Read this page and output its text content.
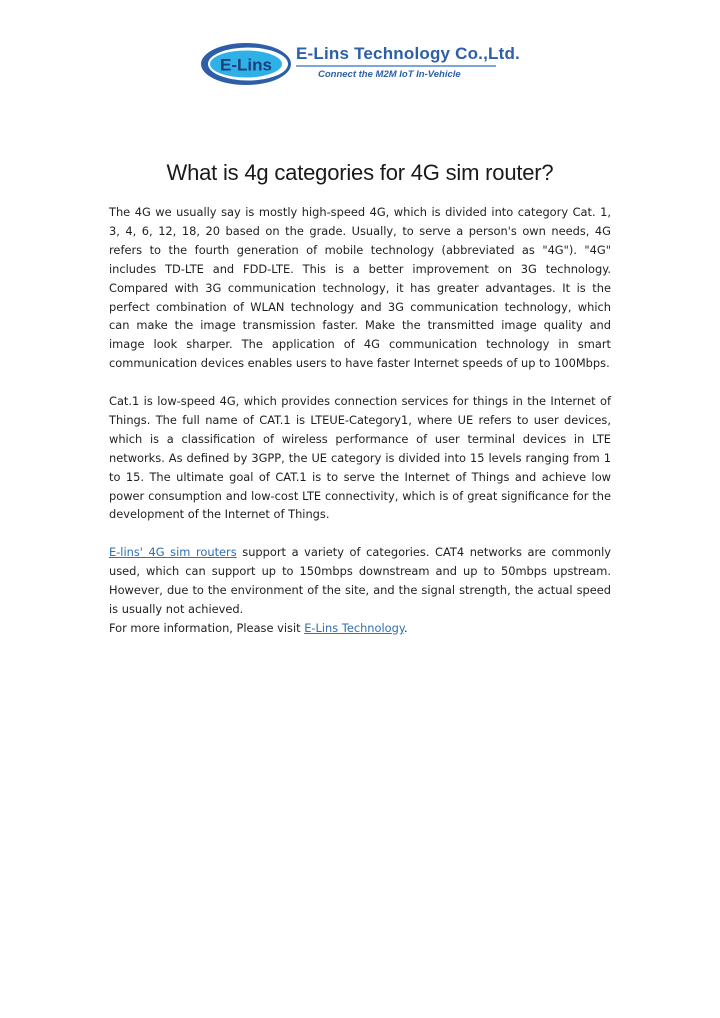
E-Lins
E-Lins Technology Co.,Ltd.
Connect the M2M IoT In-Vehicle
What is 4g categories for 4G sim router?

The 4G we usually say is mostly high-speed 4G, which is divided into category Cat. 1, 3, 4, 6, 12, 18, 20 based on the grade. Usually, to serve a person's own needs, 4G refers to the fourth generation of mobile technology (abbreviated as "4G"). "4G" includes TD-LTE and FDD-LTE. This is a better improvement on 3G technology. Compared with 3G communication technology, it has greater advantages. It is the perfect combination of WLAN technology and 3G communication technology, which can make the image transmission faster. Make the transmitted image quality and image look sharper. The application of 4G communication technology in smart communication devices enables users to have faster Internet speeds of up to 100Mbps.

Cat.1 is low-speed 4G, which provides connection services for things in the Internet of Things. The full name of CAT.1 is LTEUE-Category1, where UE refers to user devices, which is a classification of wireless performance of user terminal devices in LTE networks. As defined by 3GPP, the UE category is divided into 15 levels ranging from 1 to 15. The ultimate goal of CAT.1 is to serve the Internet of Things and achieve low power consumption and low-cost LTE connectivity, which is of great significance for the development of the Internet of Things.

E-lins' 4G sim routers support a variety of categories. CAT4 networks are commonly used, which can support up to 150mbps downstream and up to 50mbps upstream. However, due to the environment of the site, and the signal strength, the actual speed is usually not achieved.

For more information, Please visit E-Lins Technology.
